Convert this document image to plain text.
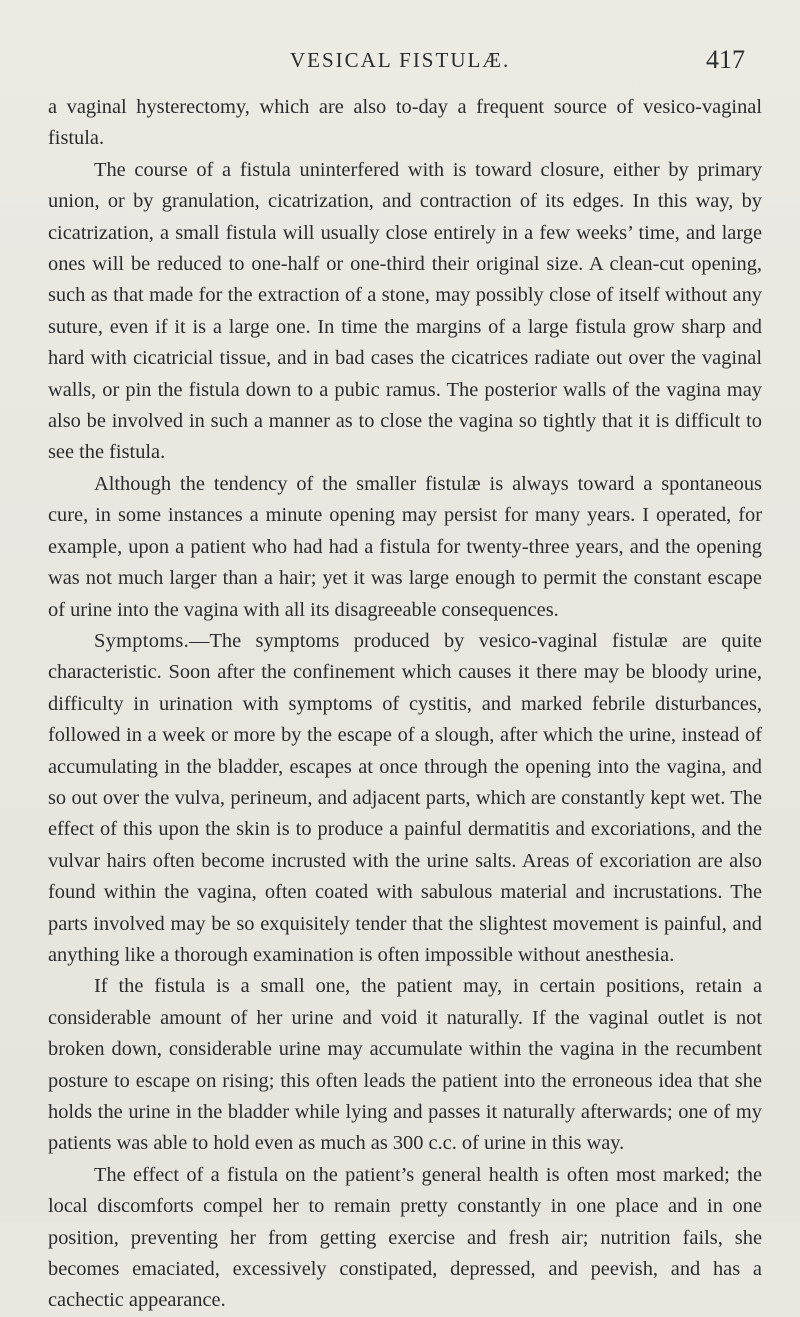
VESICAL FISTULÆ.	417

a vaginal hysterectomy, which are also to-day a frequent source of vesico-vaginal fistula.

The course of a fistula uninterfered with is toward closure, either by primary union, or by granulation, cicatrization, and contraction of its edges. In this way, by cicatrization, a small fistula will usually close entirely in a few weeks’ time, and large ones will be reduced to one-half or one-third their original size. A clean-cut opening, such as that made for the extraction of a stone, may possibly close of itself without any suture, even if it is a large one. In time the margins of a large fistula grow sharp and hard with cicatricial tissue, and in bad cases the cicatrices radiate out over the vaginal walls, or pin the fistula down to a pubic ramus. The posterior walls of the vagina may also be involved in such a manner as to close the vagina so tightly that it is difficult to see the fistula.

Although the tendency of the smaller fistulæ is always toward a spontaneous cure, in some instances a minute opening may persist for many years. I operated, for example, upon a patient who had had a fistula for twenty-three years, and the opening was not much larger than a hair; yet it was large enough to permit the constant escape of urine into the vagina with all its disagreeable consequences.

Symptoms.—The symptoms produced by vesico-vaginal fistulæ are quite characteristic. Soon after the confinement which causes it there may be bloody urine, difficulty in urination with symptoms of cystitis, and marked febrile disturbances, followed in a week or more by the escape of a slough, after which the urine, instead of accumulating in the bladder, escapes at once through the opening into the vagina, and so out over the vulva, perineum, and adjacent parts, which are constantly kept wet. The effect of this upon the skin is to produce a painful dermatitis and excoriations, and the vulvar hairs often become incrusted with the urine salts. Areas of excoriation are also found within the vagina, often coated with sabulous material and incrustations. The parts involved may be so exquisitely tender that the slightest movement is painful, and anything like a thorough examination is often impossible without anesthesia.

If the fistula is a small one, the patient may, in certain positions, retain a considerable amount of her urine and void it naturally. If the vaginal outlet is not broken down, considerable urine may accumulate within the vagina in the recumbent posture to escape on rising; this often leads the patient into the erroneous idea that she holds the urine in the bladder while lying and passes it naturally afterwards; one of my patients was able to hold even as much as 300 c.c. of urine in this way.

The effect of a fistula on the patient’s general health is often most marked; the local discomforts compel her to remain pretty constantly in one place and in one position, preventing her from getting exercise and fresh air; nutrition fails, she becomes emaciated, excessively constipated, depressed, and peevish, and has a cachectic appearance.
